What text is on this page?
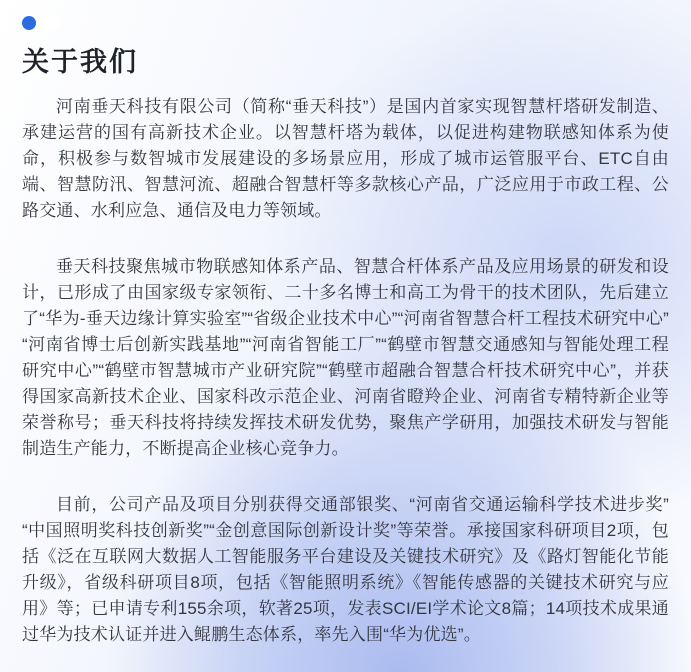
关于我们

河南垂天科技有限公司（简称“垂天科技”）是国内首家实现智慧杆塔研发制造、承建运营的国有高新技术企业。以智慧杆塔为载体，以促进构建物联感知体系为使命，积极参与数智城市发展建设的多场景应用，形成了城市运管服平台、ETC自由端、智慧防汛、智慧河流、超融合智慧杆等多款核心产品，广泛应用于市政工程、公路交通、水利应急、通信及电力等领域。

垂天科技聚焦城市物联感知体系产品、智慧合杆体系产品及应用场景的研发和设计，已形成了由国家级专家领衔、二十多名博士和高工为骨干的技术团队，先后建立了“华为-垂天边缘计算实验室”“省级企业技术中心”“河南省智慧合杆工程技术研究中心”“河南省博士后创新实践基地”“河南省智能工厂”“鹤壁市智慧交通感知与智能处理工程研究中心”“鹤壁市智慧城市产业研究院”“鹤壁市超融合智慧合杆技术研究中心”，并获得国家高新技术企业、国家科改示范企业、河南省瞪羚企业、河南省专精特新企业等荣誉称号；垂天科技将持续发挥技术研发优势，聚焦产学研用，加强技术研发与智能制造生产能力，不断提高企业核心竞争力。

目前，公司产品及项目分别获得交通部银奖、“河南省交通运输科学技术进步奖”“中国照明奖科技创新奖”“金创意国际创新设计奖”等荣誉。承接国家科研项目2项，包括《泛在互联网大数据人工智能服务平台建设及关键技术研究》及《路灯智能化节能升级》，省级科研项目8项，包括《智能照明系统》《智能传感器的关键技术研究与应用》等；已申请专利155余项，软著25项，发表SCI/EI学术论文8篇；14项技术成果通过华为技术认证并进入鲲鹏生态体系，率先入围“华为优选”。
